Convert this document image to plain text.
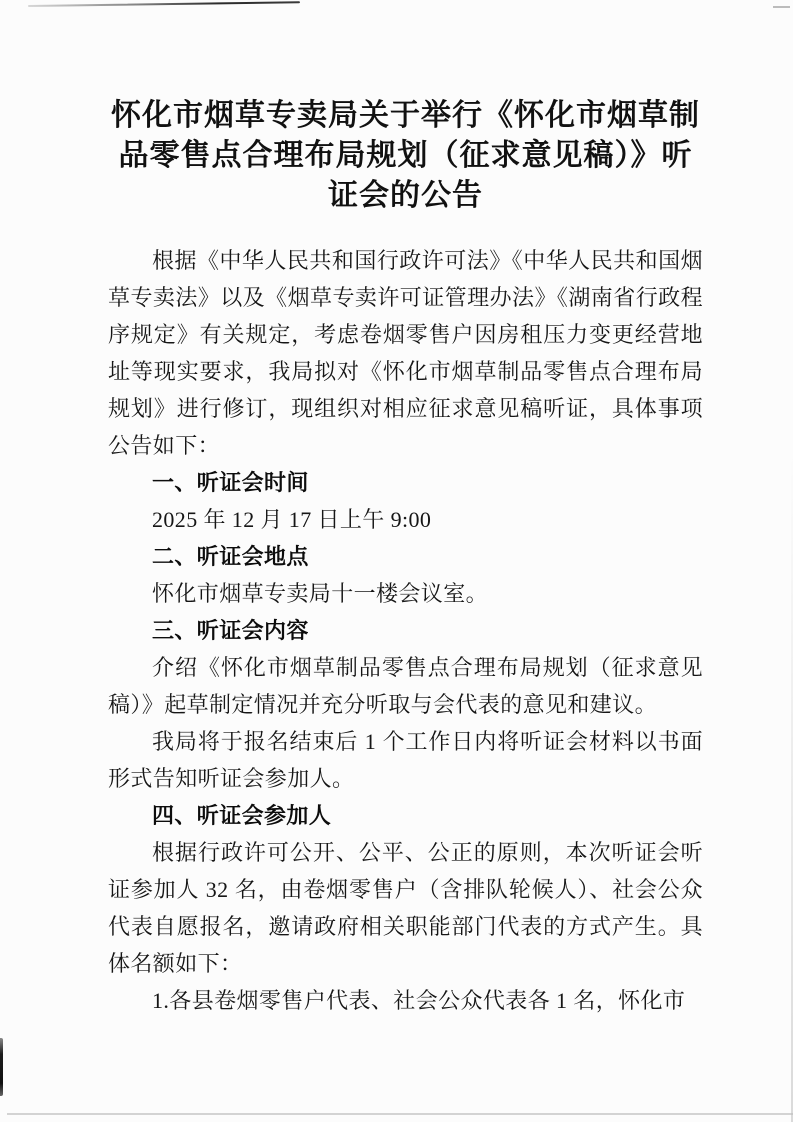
怀化市烟草专卖局关于举行《怀化市烟草制
品零售点合理布局规划（征求意见稿）》听
证会的公告

根据《中华人民共和国行政许可法》《中华人民共和国烟草专卖法》以及《烟草专卖许可证管理办法》《湖南省行政程序规定》有关规定，考虑卷烟零售户因房租压力变更经营地址等现实要求，我局拟对《怀化市烟草制品零售点合理布局规划》进行修订，现组织对相应征求意见稿听证，具体事项公告如下：

一、听证会时间

2025 年 12 月 17 日上午 9:00

二、听证会地点

怀化市烟草专卖局十一楼会议室。

三、听证会内容

介绍《怀化市烟草制品零售点合理布局规划（征求意见稿）》起草制定情况并充分听取与会代表的意见和建议。

我局将于报名结束后 1 个工作日内将听证会材料以书面形式告知听证会参加人。

四、听证会参加人

根据行政许可公开、公平、公正的原则，本次听证会听证参加人 32 名，由卷烟零售户（含排队轮候人）、社会公众代表自愿报名，邀请政府相关职能部门代表的方式产生。具体名额如下：

1.各县卷烟零售户代表、社会公众代表各 1 名，怀化市
